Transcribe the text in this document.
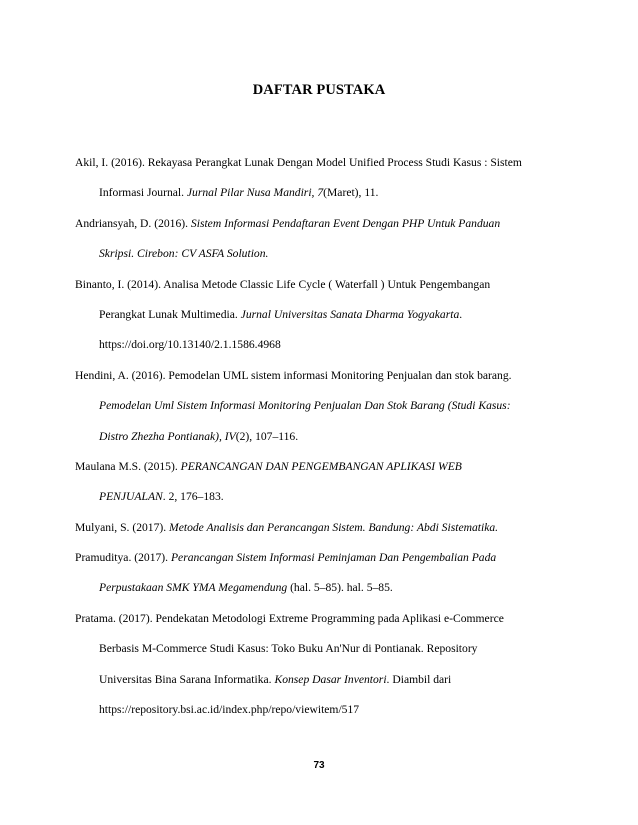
DAFTAR PUSTAKA
Akil, I. (2016). Rekayasa Perangkat Lunak Dengan Model Unified Process Studi Kasus : Sistem
Informasi Journal. Jurnal Pilar Nusa Mandiri, 7(Maret), 11.
Andriansyah, D. (2016). Sistem Informasi Pendaftaran Event Dengan PHP Untuk Panduan
Skripsi. Cirebon: CV ASFA Solution.
Binanto, I. (2014). Analisa Metode Classic Life Cycle ( Waterfall ) Untuk Pengembangan
Perangkat Lunak Multimedia. Jurnal Universitas Sanata Dharma Yogyakarta.
https://doi.org/10.13140/2.1.1586.4968
Hendini, A. (2016). Pemodelan UML sistem informasi Monitoring Penjualan dan stok barang.
Pemodelan Uml Sistem Informasi Monitoring Penjualan Dan Stok Barang (Studi Kasus:
Distro Zhezha Pontianak), IV(2), 107–116.
Maulana M.S. (2015). PERANCANGAN DAN PENGEMBANGAN APLIKASI WEB
PENJUALAN. 2, 176–183.
Mulyani, S. (2017). Metode Analisis dan Perancangan Sistem. Bandung: Abdi Sistematika.
Pramuditya. (2017). Perancangan Sistem Informasi Peminjaman Dan Pengembalian Pada
Perpustakaan SMK YMA Megamendung (hal. 5–85). hal. 5–85.
Pratama. (2017). Pendekatan Metodologi Extreme Programming pada Aplikasi e-Commerce
Berbasis M-Commerce Studi Kasus: Toko Buku An'Nur di Pontianak. Repository
Universitas Bina Sarana Informatika. Konsep Dasar Inventori. Diambil dari
https://repository.bsi.ac.id/index.php/repo/viewitem/517
73
